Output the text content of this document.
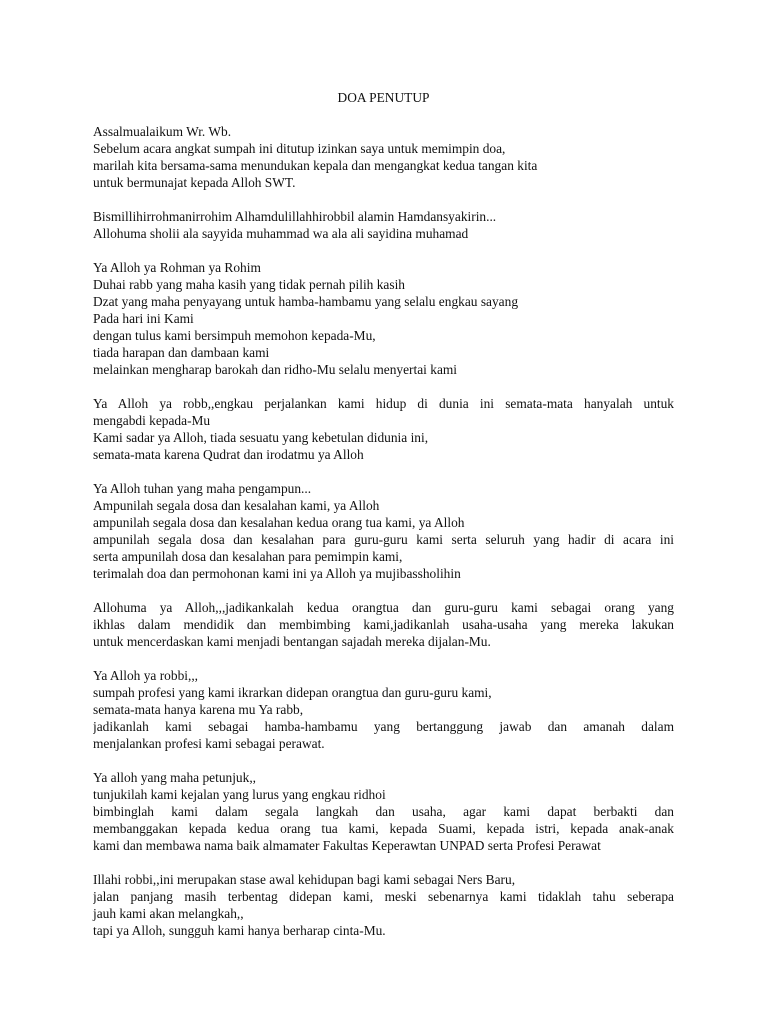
DOA PENUTUP
Assalmualaikum Wr. Wb.
Sebelum acara angkat sumpah ini ditutup izinkan saya untuk memimpin doa,
marilah kita bersama-sama menundukan kepala dan mengangkat kedua tangan kita
untuk bermunajat kepada Alloh SWT.
Bismillihirrohmanirrohim Alhamdulillahhirobbil alamin Hamdansyakirin...
Allohuma sholii ala sayyida muhammad wa ala ali sayidina muhamad
Ya Alloh ya Rohman ya Rohim
Duhai rabb yang maha kasih yang tidak pernah pilih kasih
Dzat yang maha penyayang untuk hamba-hambamu yang selalu engkau sayang
Pada hari ini Kami
dengan tulus kami bersimpuh memohon kepada-Mu,
tiada harapan dan dambaan kami
melainkan mengharap barokah dan ridho-Mu selalu menyertai kami
Ya Alloh ya robb,,engkau perjalankan kami hidup di dunia ini semata-mata hanyalah untuk
mengabdi kepada-Mu
Kami sadar ya Alloh, tiada sesuatu yang kebetulan didunia ini,
semata-mata karena Qudrat dan irodatmu ya Alloh
Ya Alloh tuhan yang maha pengampun...
Ampunilah segala dosa dan kesalahan kami, ya Alloh
ampunilah segala dosa dan kesalahan kedua orang tua kami, ya Alloh
ampunilah segala dosa dan kesalahan para guru-guru kami serta seluruh yang hadir di acara ini
serta ampunilah dosa dan kesalahan para pemimpin kami,
terimalah doa dan permohonan kami ini ya Alloh ya mujibassholihin
Allohuma ya Alloh,,,jadikankalah kedua orangtua dan guru-guru kami sebagai orang yang
ikhlas dalam mendidik dan membimbing kami,jadikanlah usaha-usaha yang mereka lakukan
untuk mencerdaskan kami menjadi bentangan sajadah mereka dijalan-Mu.
Ya Alloh ya robbi,,,
sumpah profesi yang kami ikrarkan didepan orangtua dan guru-guru kami,
semata-mata hanya karena mu Ya rabb,
jadikanlah kami sebagai hamba-hambamu yang bertanggung jawab dan amanah dalam
menjalankan profesi kami sebagai perawat.
Ya alloh yang maha petunjuk,,
tunjukilah kami kejalan yang lurus yang engkau ridhoi
bimbinglah kami dalam segala langkah dan usaha, agar kami dapat berbakti dan
membanggakan kepada kedua orang tua kami, kepada Suami, kepada istri, kepada anak-anak
kami dan membawa nama baik almamater Fakultas Keperawtan UNPAD serta Profesi Perawat
Illahi robbi,,ini merupakan stase awal kehidupan bagi kami sebagai Ners Baru,
jalan panjang masih terbentag didepan kami, meski sebenarnya kami tidaklah tahu seberapa
jauh kami akan melangkah,,
tapi ya Alloh, sungguh kami hanya berharap cinta-Mu.
